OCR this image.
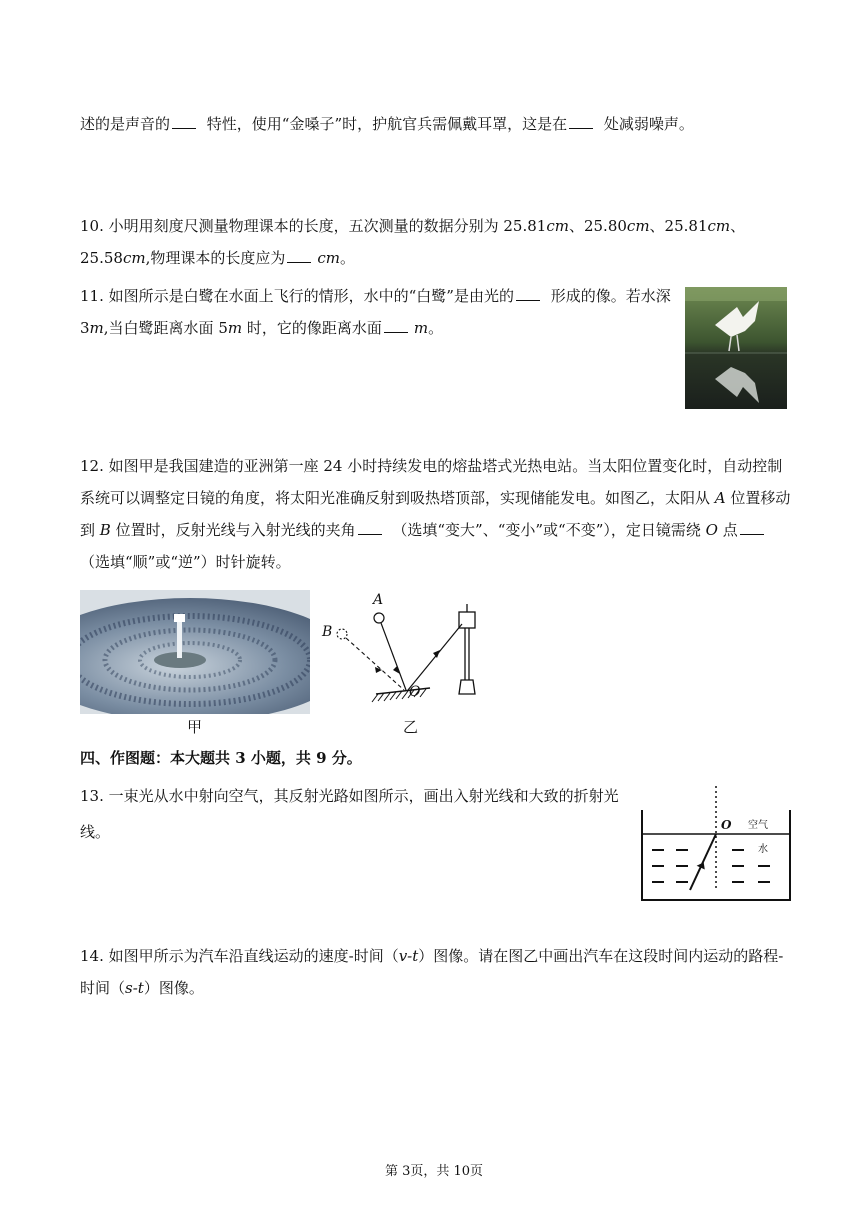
述的是声音的 特性，使用“金嗓子”时，护航官兵需佩戴耳罩，这是在 处减弱噪声。
10. 小明用刻度尺测量物理课本的长度，五次测量的数据分别为 25.81cm、25.80cm、25.81cm、25.58cm,物理课本的长度应为 cm。
11. 如图所示是白鹭在水面上飞行的情形，水中的“白鹭”是由光的 形成的像。若水深 3m,当白鹭距离水面 5m 时，它的像距离水面 m。
12. 如图甲是我国建造的亚洲第一座 24 小时持续发电的熔盐塔式光热电站。当太阳位置变化时，自动控制系统可以调整定日镜的角度，将太阳光准确反射到吸热塔顶部，实现储能发电。如图乙，太阳从 A 位置移动到 B 位置时，反射光线与入射光线的夹角 （选填“变大”、“变小”或“不变”），定日镜需绕 O 点 （选填“顺”或“逆”）时针旋转。
甲
A
B
O
乙
四、作图题：本大题共 3 小题，共 9 分。
13. 一束光从水中射向空气，其反射光路如图所示，画出入射光线和大致的折射光线。	O 空气
水
14. 如图甲所示为汽车沿直线运动的速度-时间（v-t）图像。请在图乙中画出汽车在这段时间内运动的路程-时间（s-t）图像。
第 3页，共 10页
